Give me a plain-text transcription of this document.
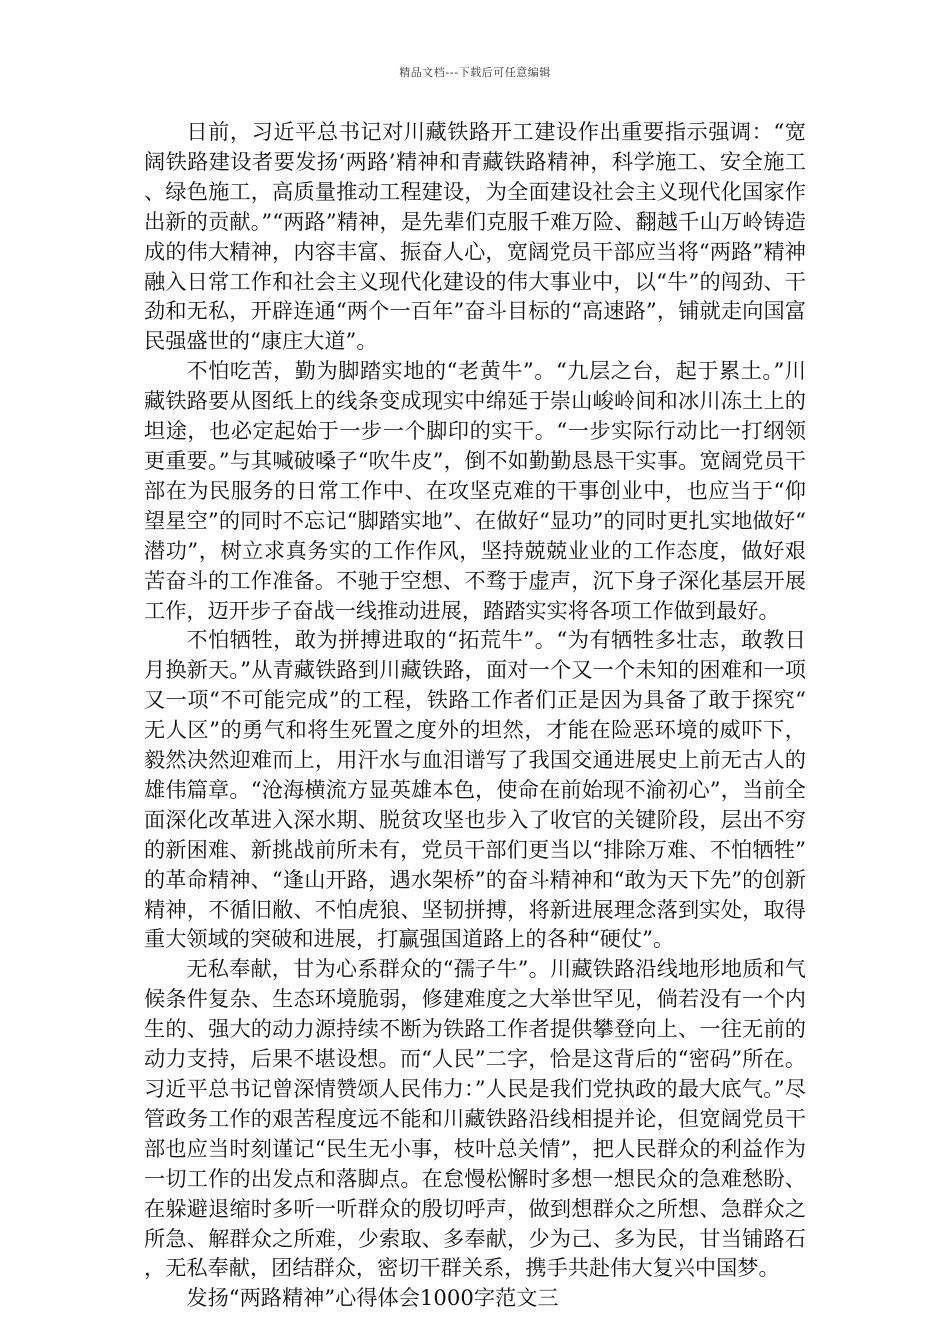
精品文档---下载后可任意编辑

日前，习近平总书记对川藏铁路开工建设作出重要指示强调：“宽阔铁路建设者要发扬‘两路’精神和青藏铁路精神，科学施工、安全施工、绿色施工，高质量推动工程建设，为全面建设社会主义现代化国家作出新的贡献。”“两路”精神，是先辈们克服千难万险、翻越千山万岭铸造成的伟大精神，内容丰富、振奋人心，宽阔党员干部应当将“两路”精神融入日常工作和社会主义现代化建设的伟大事业中，以“牛”的闯劲、干劲和无私，开辟连通“两个一百年”奋斗目标的“高速路”，铺就走向国富民强盛世的“康庄大道”。

不怕吃苦，勤为脚踏实地的“老黄牛”。“九层之台，起于累土。”川藏铁路要从图纸上的线条变成现实中绵延于崇山峻岭间和冰川冻土上的坦途，也必定起始于一步一个脚印的实干。“一步实际行动比一打纲领更重要。”与其喊破嗓子“吹牛皮”，倒不如勤勤恳恳干实事。宽阔党员干部在为民服务的日常工作中、在攻坚克难的干事创业中，也应当于“仰望星空”的同时不忘记“脚踏实地”、在做好“显功”的同时更扎实地做好“潜功”，树立求真务实的工作作风，坚持兢兢业业的工作态度，做好艰苦奋斗的工作准备。不驰于空想、不骛于虚声，沉下身子深化基层开展工作，迈开步子奋战一线推动进展，踏踏实实将各项工作做到最好。

不怕牺牲，敢为拼搏进取的“拓荒牛”。“为有牺牲多壮志，敢教日月换新天。”从青藏铁路到川藏铁路，面对一个又一个未知的困难和一项又一项“不可能完成”的工程，铁路工作者们正是因为具备了敢于探究“无人区”的勇气和将生死置之度外的坦然，才能在险恶环境的威吓下，毅然决然迎难而上，用汗水与血泪谱写了我国交通进展史上前无古人的雄伟篇章。“沧海横流方显英雄本色，使命在前始现不渝初心”，当前全面深化改革进入深水期、脱贫攻坚也步入了收官的关键阶段，层出不穷的新困难、新挑战前所未有，党员干部们更当以“排除万难、不怕牺牲”的革命精神、“逢山开路，遇水架桥”的奋斗精神和“敢为天下先”的创新精神，不循旧敝、不怕虎狼、坚韧拼搏，将新进展理念落到实处，取得重大领域的突破和进展，打赢强国道路上的各种“硬仗”。

无私奉献，甘为心系群众的“孺子牛”。川藏铁路沿线地形地质和气候条件复杂、生态环境脆弱，修建难度之大举世罕见，倘若没有一个内生的、强大的动力源持续不断为铁路工作者提供攀登向上、一往无前的动力支持，后果不堪设想。而“人民”二字，恰是这背后的“密码”所在。习近平总书记曾深情赞颂人民伟力：”人民是我们党执政的最大底气。”尽管政务工作的艰苦程度远不能和川藏铁路沿线相提并论，但宽阔党员干部也应当时刻谨记“民生无小事，枝叶总关情”，把人民群众的利益作为一切工作的出发点和落脚点。在怠慢松懈时多想一想民众的急难愁盼、在躲避退缩时多听一听群众的殷切呼声，做到想群众之所想、急群众之所急、解群众之所难，少索取、多奉献，少为己、多为民，甘当铺路石，无私奉献，团结群众，密切干群关系，携手共赴伟大复兴中国梦。

发扬“两路精神”心得体会1000字范文三
